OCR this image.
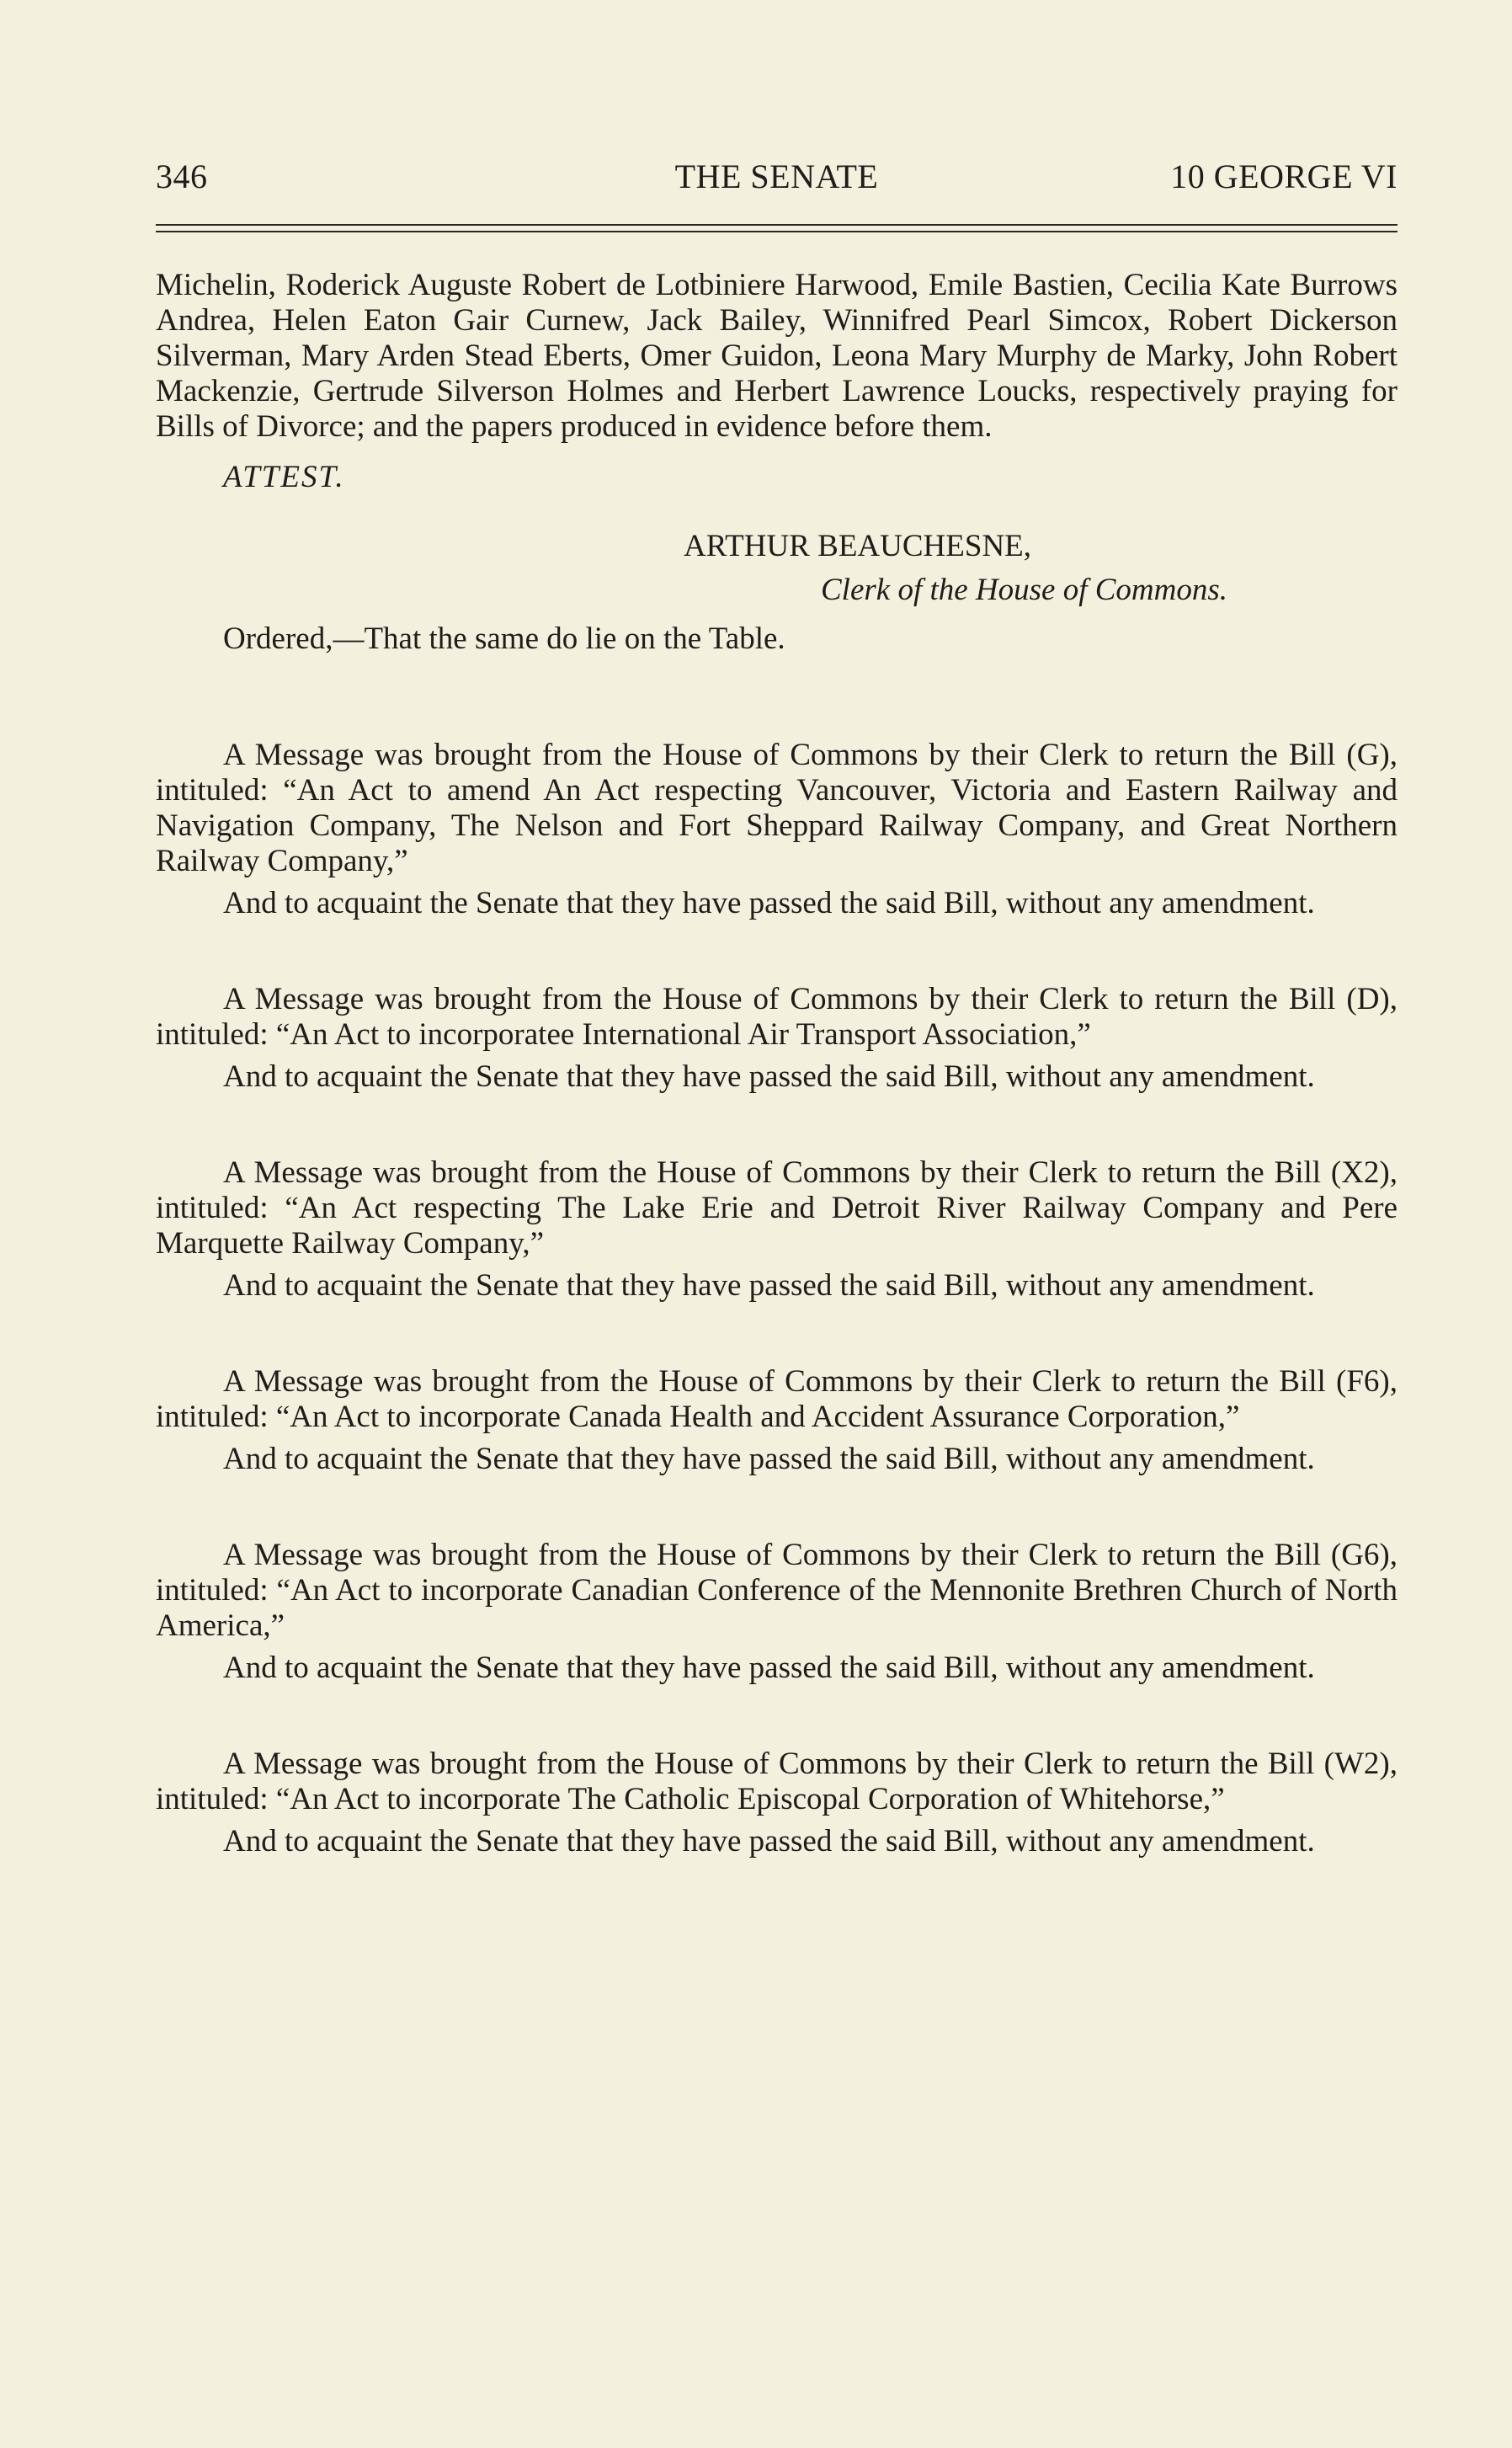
346	THE SENATE	10 GEORGE VI

Michelin, Roderick Auguste Robert de Lotbiniere Harwood, Emile Bastien, Cecilia Kate Burrows Andrea, Helen Eaton Gair Curnew, Jack Bailey, Winnifred Pearl Simcox, Robert Dickerson Silverman, Mary Arden Stead Eberts, Omer Guidon, Leona Mary Murphy de Marky, John Robert Mackenzie, Gertrude Silverson Holmes and Herbert Lawrence Loucks, respectively praying for Bills of Divorce; and the papers produced in evidence before them.

ATTEST.
ARTHUR BEAUCHESNE,
Clerk of the House of Commons.
Ordered,—That the same do lie on the Table.

A Message was brought from the House of Commons by their Clerk to return the Bill (G), intituled: “An Act to amend An Act respecting Vancouver, Victoria and Eastern Railway and Navigation Company, The Nelson and Fort Sheppard Railway Company, and Great Northern Railway Company,”

And to acquaint the Senate that they have passed the said Bill, without any amendment.

A Message was brought from the House of Commons by their Clerk to return the Bill (D), intituled: “An Act to incorporatee International Air Transport Association,”

And to acquaint the Senate that they have passed the said Bill, without any amendment.

A Message was brought from the House of Commons by their Clerk to return the Bill (X2), intituled: “An Act respecting The Lake Erie and Detroit River Railway Company and Pere Marquette Railway Company,”

And to acquaint the Senate that they have passed the said Bill, without any amendment.

A Message was brought from the House of Commons by their Clerk to return the Bill (F6), intituled: “An Act to incorporate Canada Health and Accident Assurance Corporation,”

And to acquaint the Senate that they have passed the said Bill, without any amendment.

A Message was brought from the House of Commons by their Clerk to return the Bill (G6), intituled: “An Act to incorporate Canadian Conference of the Mennonite Brethren Church of North America,”

And to acquaint the Senate that they have passed the said Bill, without any amendment.

A Message was brought from the House of Commons by their Clerk to return the Bill (W2), intituled: “An Act to incorporate The Catholic Episcopal Corporation of Whitehorse,”

And to acquaint the Senate that they have passed the said Bill, without any amendment.
